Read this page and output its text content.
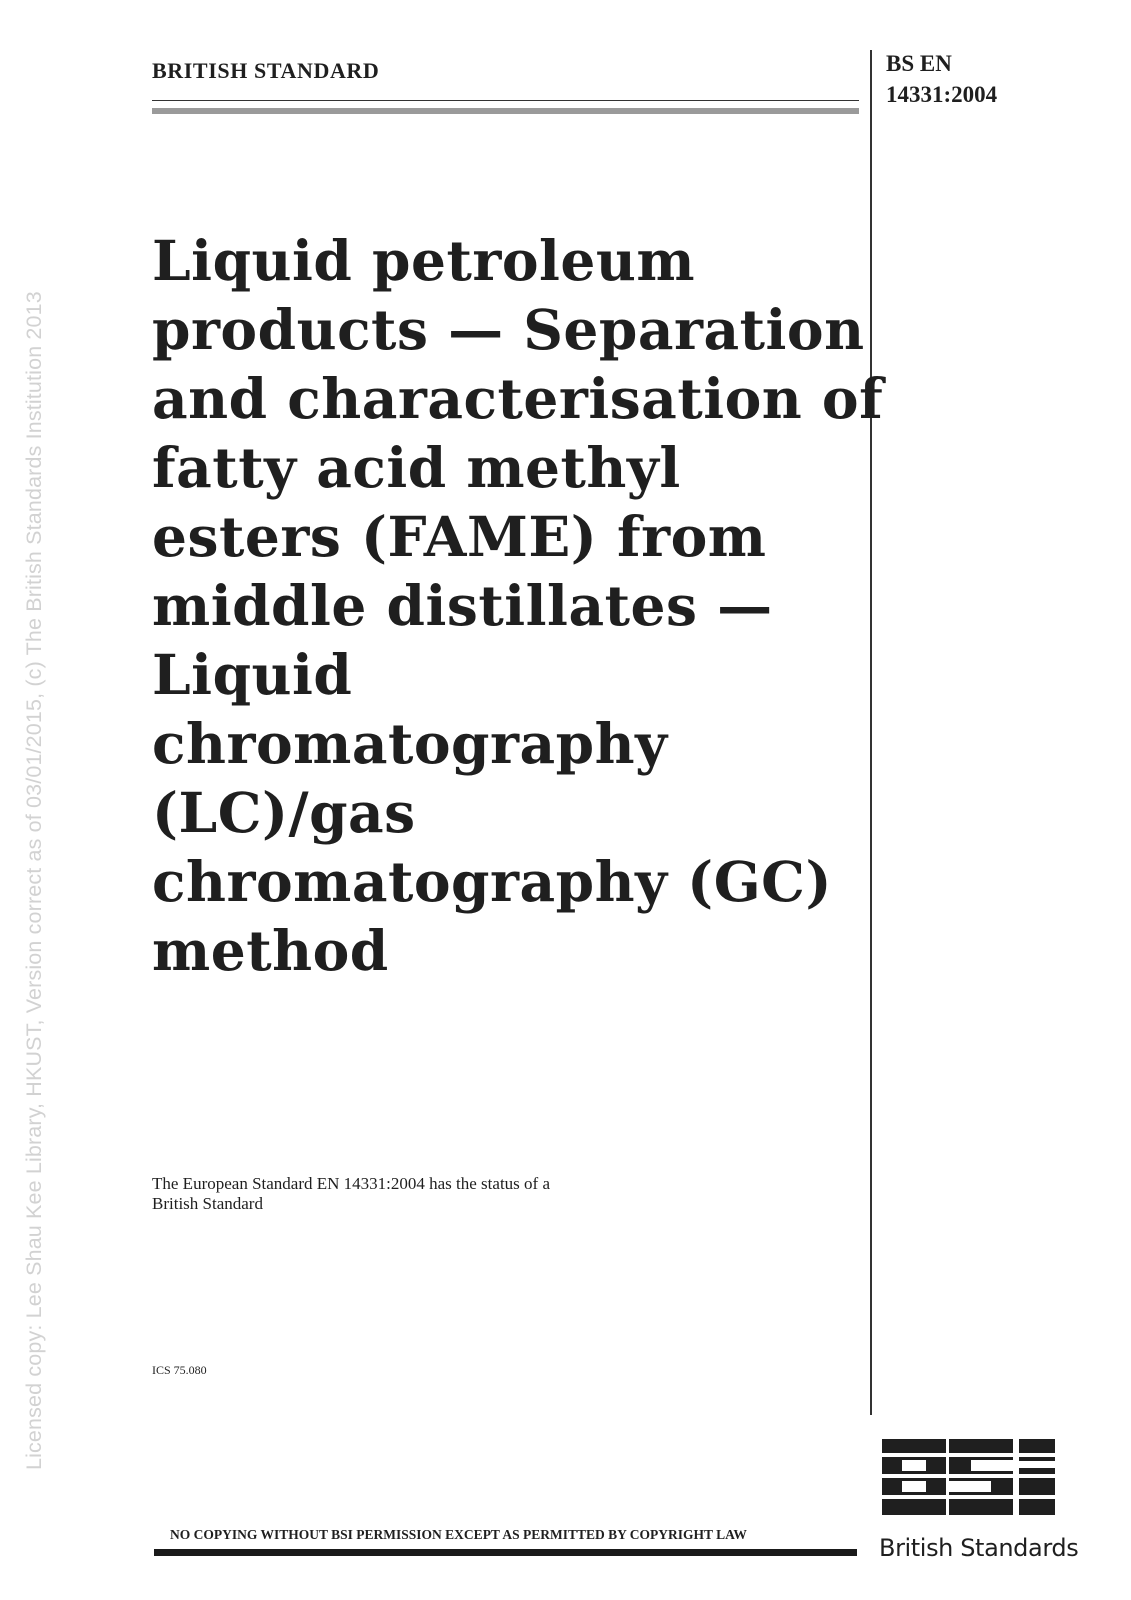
Licensed copy: Lee Shau Kee Library, HKUST, Version correct as of 03/01/2015, (c) The British Standards Institution 2013
BRITISH STANDARD	BS EN
14331:2004
Liquid petroleum
products — Separation
and characterisation of
fatty acid methyl
esters (FAME) from
middle distillates —
Liquid
chromatography
(LC)/gas
chromatography (GC)
method
The European Standard EN 14331:2004 has the status of a
British Standard
ICS 75.080
NO COPYING WITHOUT BSI PERMISSION EXCEPT AS PERMITTED BY COPYRIGHT LAW	British Standards
